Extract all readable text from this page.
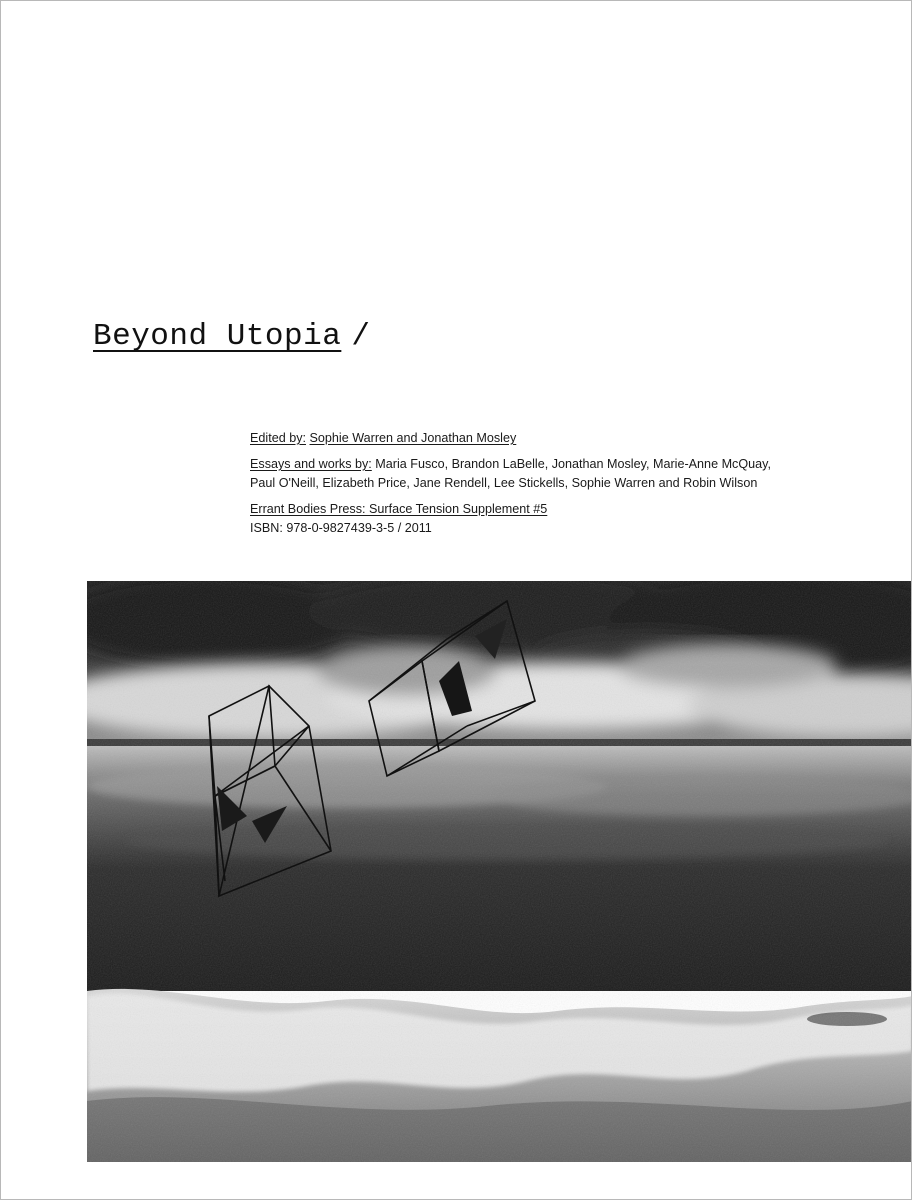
Beyond Utopia /

Edited by: Sophie Warren and Jonathan Mosley

Essays and works by: Maria Fusco, Brandon LaBelle, Jonathan Mosley, Marie-Anne McQuay,
Paul O'Neill, Elizabeth Price, Jane Rendell, Lee Stickells, Sophie Warren and Robin Wilson

Errant Bodies Press: Surface Tension Supplement #5
ISBN: 978-0-9827439-3-5 / 2011
